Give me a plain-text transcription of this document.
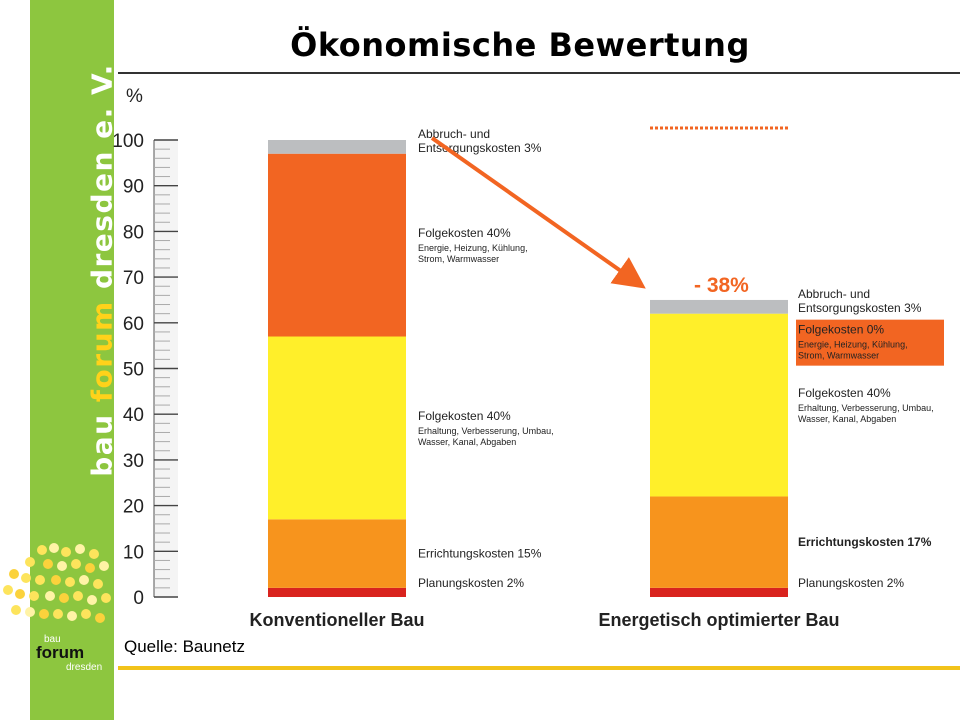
bau forum dresden e. V.
bau
forum
dresden
Ökonomische Bewertung
0
10
20
30
40
50
60
70
80
90
100
%
Planungskosten 2%
Errichtungskosten 15%
Folgekosten 40%
Erhaltung, Verbesserung, Umbau,
Wasser, Kanal, Abgaben
Folgekosten 40%
Energie, Heizung, Kühlung,
Strom, Warmwasser
Abbruch- und
Entsorgungskosten 3%
Konventioneller Bau
Planungskosten 2%
Errichtungskosten 17%
Folgekosten 40%
Erhaltung, Verbesserung, Umbau,
Wasser, Kanal, Abgaben
Folgekosten 0%
Energie, Heizung, Kühlung,
Strom, Warmwasser
Abbruch- und
Entsorgungskosten 3%
Energetisch optimierter Bau
- 38%
Quelle: Baunetz
